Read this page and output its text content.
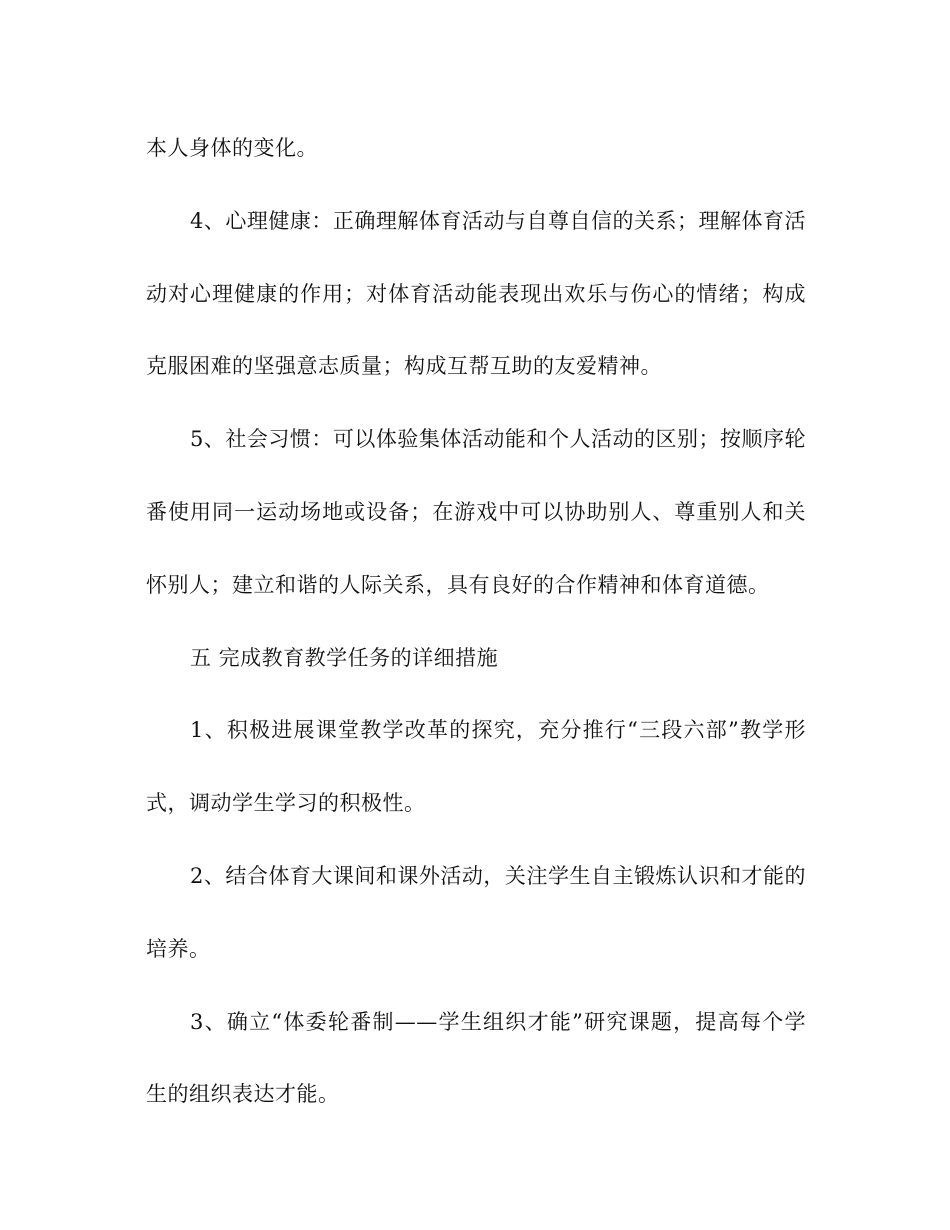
本人身体的变化。

4、心理健康：正确理解体育活动与自尊自信的关系；理解体育活动对心理健康的作用；对体育活动能表现出欢乐与伤心的情绪；构成克服困难的坚强意志质量；构成互帮互助的友爱精神。

5、社会习惯：可以体验集体活动能和个人活动的区别；按顺序轮番使用同一运动场地或设备；在游戏中可以协助别人、尊重别人和关怀别人；建立和谐的人际关系，具有良好的合作精神和体育道德。

五 完成教育教学任务的详细措施

1、积极进展课堂教学改革的探究，充分推行“三段六部”教学形式，调动学生学习的积极性。

2、结合体育大课间和课外活动，关注学生自主锻炼认识和才能的培养。

3、确立“体委轮番制——学生组织才能”研究课题，提高每个学生的组织表达才能。
